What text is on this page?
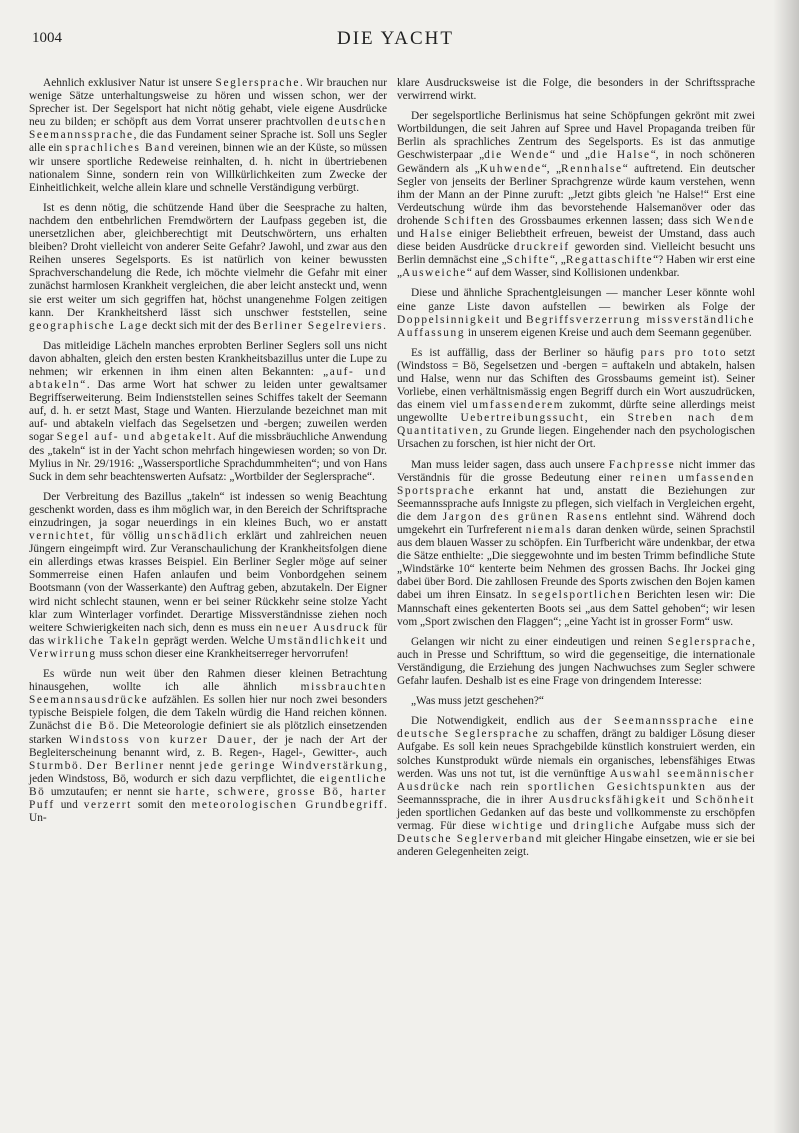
1004	DIE YACHT

Aehnlich exklusiver Natur ist unsere Seglersprache. Wir brauchen nur wenige Sätze unterhaltungsweise zu hören und wissen schon, wer der Sprecher ist. Der Segelsport hat nicht nötig gehabt, viele eigene Ausdrücke neu zu bilden; er schöpft aus dem Vorrat unserer prachtvollen deutschen Seemannssprache, die das Fundament seiner Sprache ist. Soll uns Segler alle ein sprachliches Band vereinen, binnen wie an der Küste, so müssen wir unsere sportliche Redeweise reinhalten, d. h. nicht in übertriebenen nationalem Sinne, sondern rein von Willkürlichkeiten zum Zwecke der Einheitlichkeit, welche allein klare und schnelle Verständigung verbürgt.

Ist es denn nötig, die schützende Hand über die Seesprache zu halten, nachdem den entbehrlichen Fremdwörtern der Laufpass gegeben ist, die unersetzlichen aber, gleichberechtigt mit Deutschwörtern, uns erhalten bleiben? Droht vielleicht von anderer Seite Gefahr? Jawohl, und zwar aus den Reihen unseres Segelsports. Es ist natürlich von keiner bewussten Sprachverschandelung die Rede, ich möchte vielmehr die Gefahr mit einer zunächst harmlosen Krankheit vergleichen, die aber leicht ansteckt und, wenn sie erst weiter um sich gegriffen hat, höchst unangenehme Folgen zeitigen kann. Der Krankheitsherd lässt sich unschwer feststellen, seine geographische Lage deckt sich mit der des Berliner Segelreviers.

Das mitleidige Lächeln manches erprobten Berliner Seglers soll uns nicht davon abhalten, gleich den ersten besten Krankheitsbazillus unter die Lupe zu nehmen; wir erkennen in ihm einen alten Bekannten: „auf- und abtakeln“. Das arme Wort hat schwer zu leiden unter gewaltsamer Begriffserweiterung. Beim Indienststellen seines Schiffes takelt der Seemann auf, d. h. er setzt Mast, Stage und Wanten. Hierzulande bezeichnet man mit auf- und abtakeln vielfach das Segelsetzen und -bergen; zuweilen werden sogar Segel auf- und abgetakelt. Auf die missbräuchliche Anwendung des „takeln“ ist in der Yacht schon mehrfach hingewiesen worden; so von Dr. Mylius in Nr. 29/1916: „Wassersportliche Sprachdummheiten“; und von Hans Suck in dem sehr beachtenswerten Aufsatz: „Wortbilder der Seglersprache“.

Der Verbreitung des Bazillus „takeln“ ist indessen so wenig Beachtung geschenkt worden, dass es ihm möglich war, in den Bereich der Schriftsprache einzudringen, ja sogar neuerdings in ein kleines Buch, wo er anstatt vernichtet, für völlig unschädlich erklärt und zahlreichen neuen Jüngern eingeimpft wird. Zur Veranschaulichung der Krankheitsfolgen diene ein allerdings etwas krasses Beispiel. Ein Berliner Segler möge auf seiner Sommerreise einen Hafen anlaufen und beim Vonbordgehen seinem Bootsmann (von der Wasserkante) den Auftrag geben, abzutakeln. Der Eigner wird nicht schlecht staunen, wenn er bei seiner Rückkehr seine stolze Yacht klar zum Winterlager vorfindet. Derartige Missverständnisse ziehen noch weitere Schwierigkeiten nach sich, denn es muss ein neuer Ausdruck für das wirkliche Takeln geprägt werden. Welche Umständlichkeit und Verwirrung muss schon dieser eine Krankheitserreger hervorrufen!

Es würde nun weit über den Rahmen dieser kleinen Betrachtung hinausgehen, wollte ich alle ähnlich missbrauchten Seemannsausdrücke aufzählen. Es sollen hier nur noch zwei besonders typische Beispiele folgen, die dem Takeln würdig die Hand reichen können. Zunächst die Bö. Die Meteorologie definiert sie als plötzlich einsetzenden starken Windstoss von kurzer Dauer, der je nach der Art der Begleiterscheinung benannt wird, z. B. Regen-, Hagel-, Gewitter-, auch Sturmbö. Der Berliner nennt jede geringe Windverstärkung, jeden Windstoss, Bö, wodurch er sich dazu verpflichtet, die eigentliche Bö umzutaufen; er nennt sie harte, schwere, grosse Bö, harter Puff und verzerrt somit den meteorologischen Grundbegriff. Un-

klare Ausdrucksweise ist die Folge, die besonders in der Schriftssprache verwirrend wirkt.

Der segelsportliche Berlinismus hat seine Schöpfungen gekrönt mit zwei Wortbildungen, die seit Jahren auf Spree und Havel Propaganda treiben für Berlin als sprachliches Zentrum des Segelsports. Es ist das anmutige Geschwisterpaar „die Wende“ und „die Halse“, in noch schöneren Gewändern als „Kuhwende“, „Rennhalse“ auftretend. Ein deutscher Segler von jenseits der Berliner Sprachgrenze würde kaum verstehen, wenn ihm der Mann an der Pinne zuruft: „Jetzt gibts gleich 'ne Halse!“ Erst eine Verdeutschung würde ihm das bevorstehende Halsemanöver oder das drohende Schiften des Grossbaumes erkennen lassen; dass sich Wende und Halse einiger Beliebtheit erfreuen, beweist der Umstand, dass auch diese beiden Ausdrücke druckreif geworden sind. Vielleicht besucht uns Berlin demnächst eine „Schifte“, „Regattaschifte“? Haben wir erst eine „Ausweiche“ auf dem Wasser, sind Kollisionen undenkbar.

Diese und ähnliche Sprachentgleisungen — mancher Leser könnte wohl eine ganze Liste davon aufstellen — bewirken als Folge der Doppelsinnigkeit und Begriffsverzerrung missverständliche Auffassung in unserem eigenen Kreise und auch dem Seemann gegenüber.

Es ist auffällig, dass der Berliner so häufig pars pro toto setzt (Windstoss = Bö, Segelsetzen und -bergen = auftakeln und abtakeln, halsen und Halse, wenn nur das Schiften des Grossbaums gemeint ist). Seiner Vorliebe, einen verhältnismässig engen Begriff durch ein Wort auszudrücken, das einem viel umfassenderem zukommt, dürfte seine allerdings meist ungewollte Uebertreibungssucht, ein Streben nach dem Quantitativen, zu Grunde liegen. Eingehender nach den psychologischen Ursachen zu forschen, ist hier nicht der Ort.

Man muss leider sagen, dass auch unsere Fachpresse nicht immer das Verständnis für die grosse Bedeutung einer reinen umfassenden Sportsprache erkannt hat und, anstatt die Beziehungen zur Seemannssprache aufs Innigste zu pflegen, sich vielfach in Vergleichen ergeht, die dem Jargon des grünen Rasens entlehnt sind. Während doch umgekehrt ein Turfreferent niemals daran denken würde, seinen Sprachstil aus dem blauen Wasser zu schöpfen. Ein Turfbericht wäre undenkbar, der etwa die Sätze enthielte: „Die sieggewohnte und im besten Trimm befindliche Stute „Windstärke 10“ kenterte beim Nehmen des grossen Bachs. Ihr Jockei ging dabei über Bord. Die zahllosen Freunde des Sports zwischen den Bojen kamen dabei um ihren Einsatz. In segelsportlichen Berichten lesen wir: Die Mannschaft eines gekenterten Boots sei „aus dem Sattel gehoben“; wir lesen vom „Sport zwischen den Flaggen“; „eine Yacht ist in grosser Form“ usw.

Gelangen wir nicht zu einer eindeutigen und reinen Seglersprache, auch in Presse und Schrifttum, so wird die gegenseitige, die internationale Verständigung, die Erziehung des jungen Nachwuchses zum Segler schwere Gefahr laufen. Deshalb ist es eine Frage von dringendem Interesse:

„Was muss jetzt geschehen?“

Die Notwendigkeit, endlich aus der Seemannssprache eine deutsche Seglersprache zu schaffen, drängt zu baldiger Lösung dieser Aufgabe. Es soll kein neues Sprachgebilde künstlich konstruiert werden, ein solches Kunstprodukt würde niemals ein organisches, lebensfähiges Etwas werden. Was uns not tut, ist die vernünftige Auswahl seemännischer Ausdrücke nach rein sportlichen Gesichtspunkten aus der Seemannssprache, die in ihrer Ausdrucksfähigkeit und Schönheit jeden sportlichen Gedanken auf das beste und vollkommenste zu erschöpfen vermag. Für diese wichtige und dringliche Aufgabe muss sich der Deutsche Seglerverband mit gleicher Hingabe einsetzen, wie er sie bei anderen Gelegenheiten zeigt.
